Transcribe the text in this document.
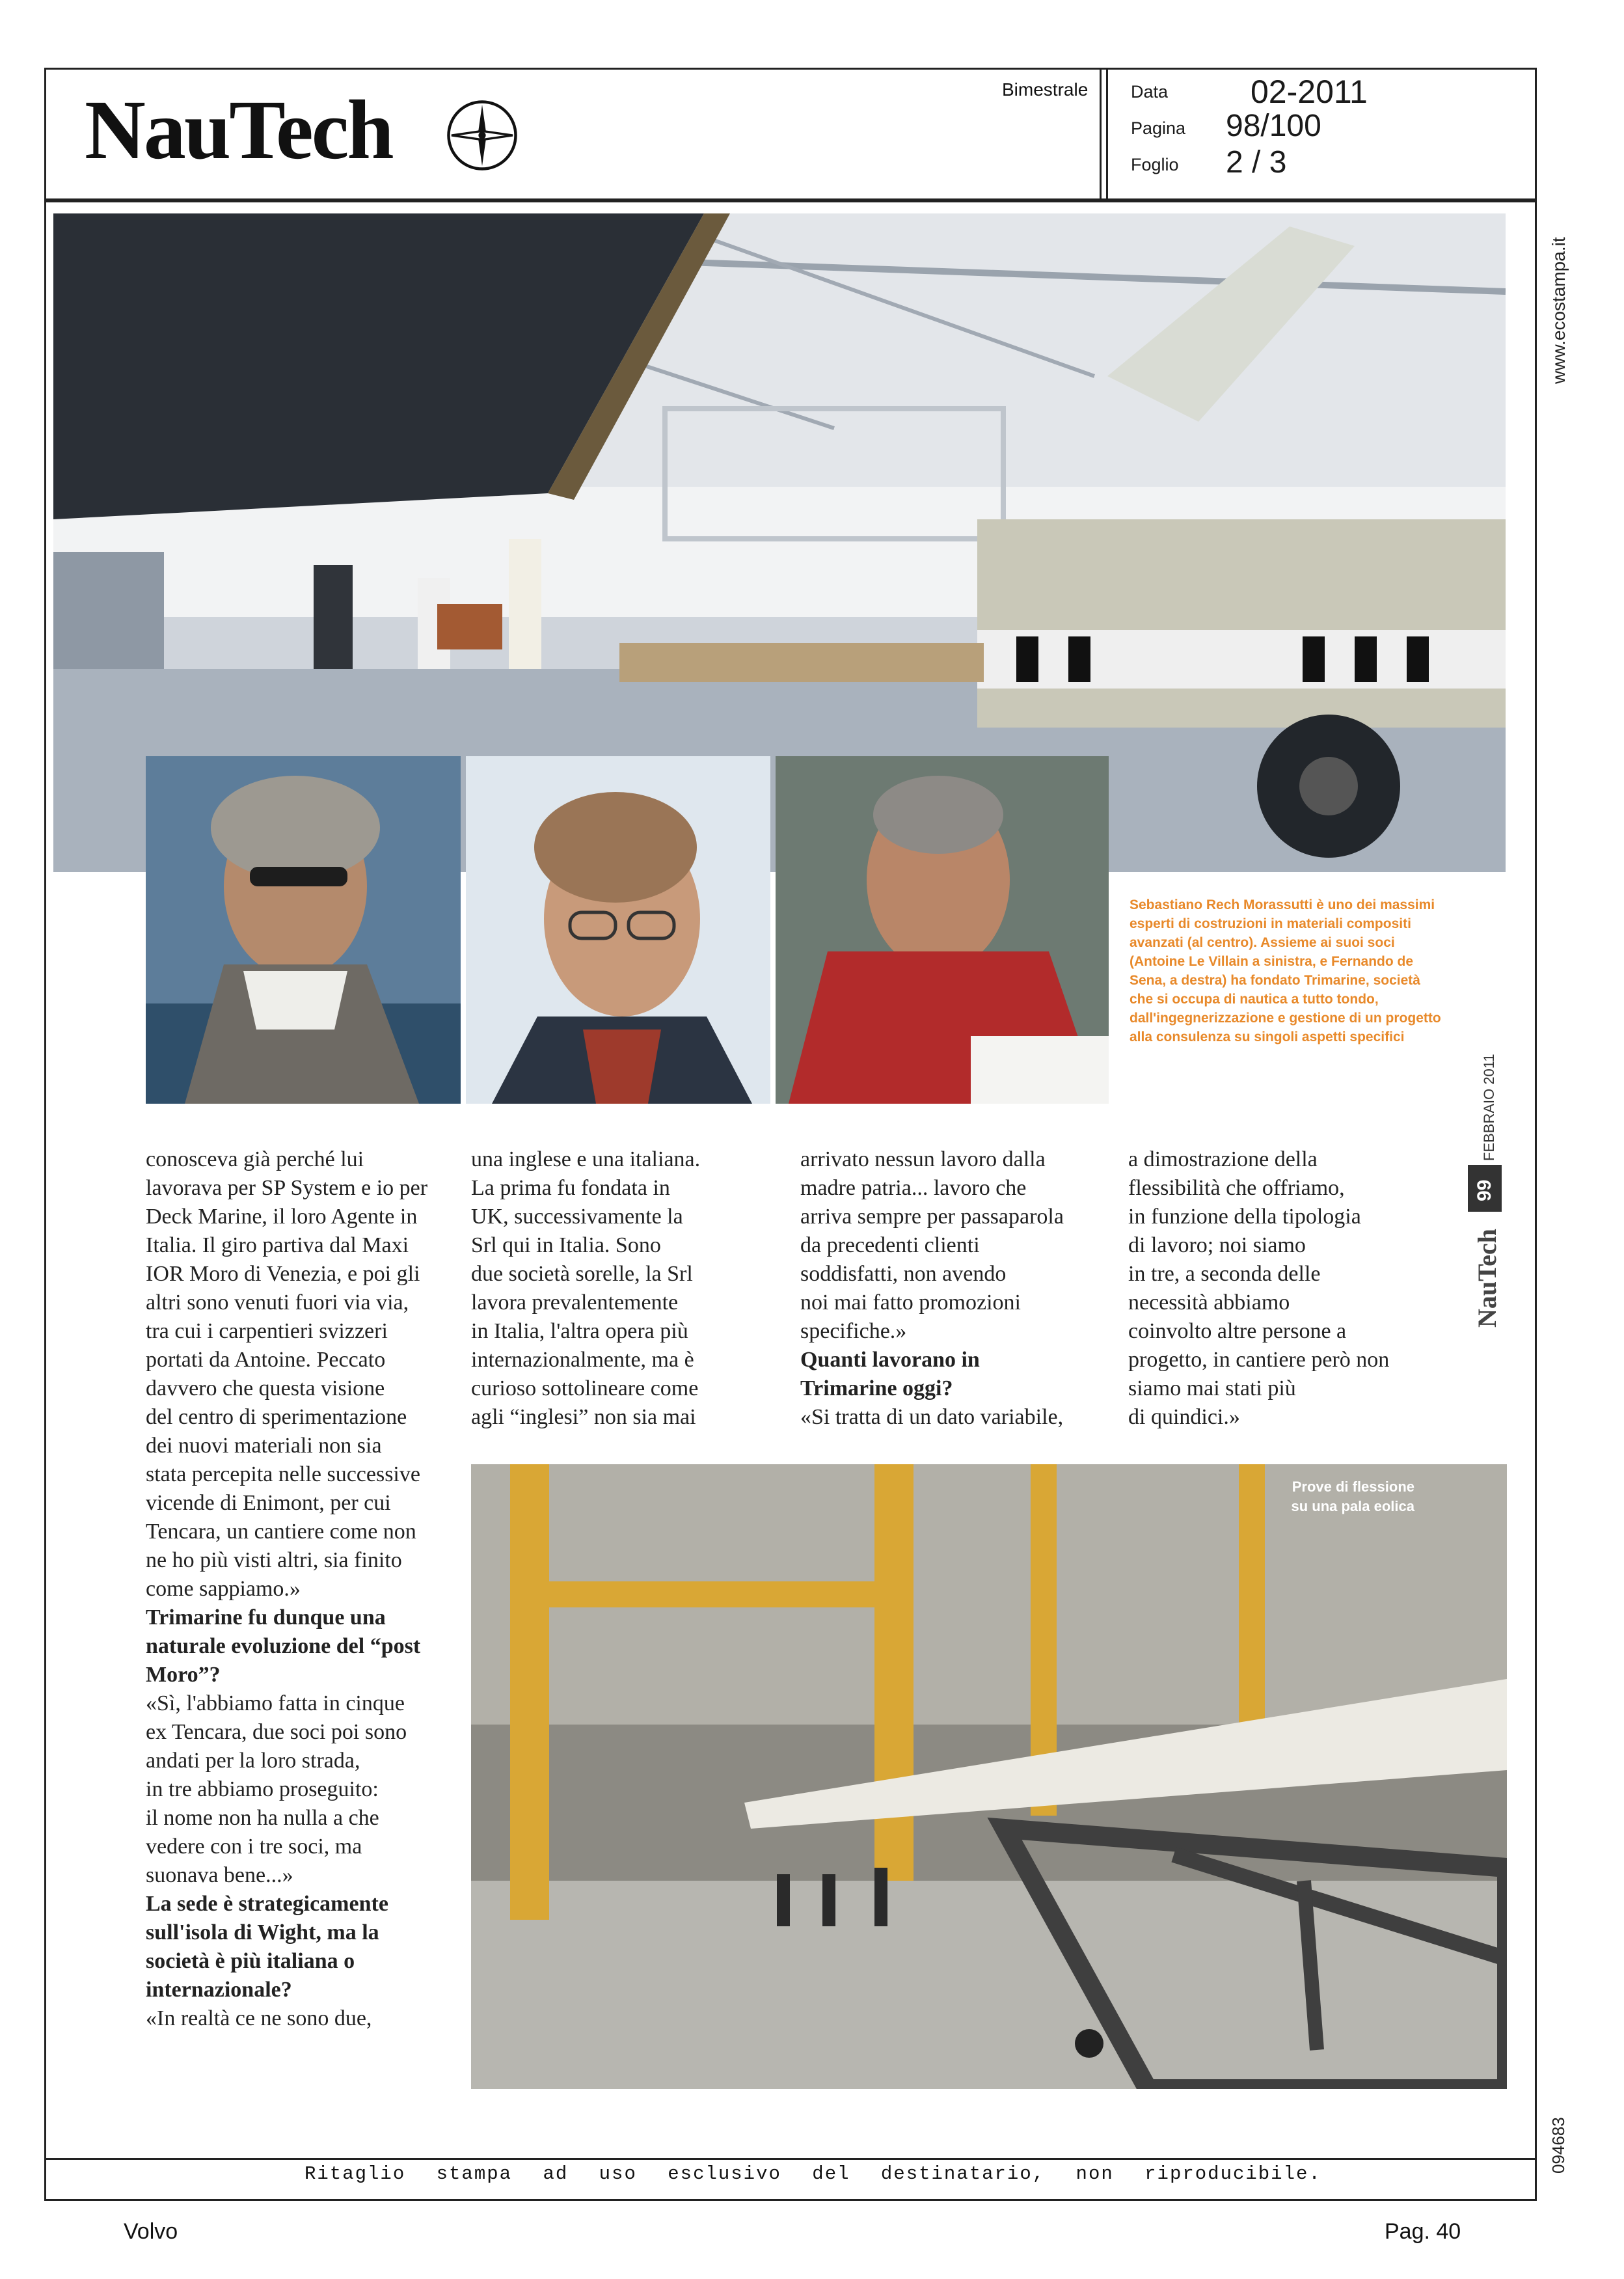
NauTech	Bimestrale Data	02-2011
Pagina 98/100
Foglio 2 / 3
www.ecostampa.it
094683
Sebastiano Rech Morassutti è uno dei massimi esperti di costruzioni in materiali compositi avanzati (al centro). Assieme ai suoi soci (Antoine Le Villain a sinistra, e Fernando de Sena, a destra) ha fondato Trimarine, società che si occupa di nautica a tutto tondo, dall'ingegnerizzazione e gestione di un progetto alla consulenza su singoli aspetti specifici
FEBBRAIO 2011
99
NauTech
conosceva già perché lui
lavorava per SP System e io per
Deck Marine, il loro Agente in
Italia. Il giro partiva dal Maxi
IOR Moro di Venezia, e poi gli
altri sono venuti fuori via via,
tra cui i carpentieri svizzeri
portati da Antoine. Peccato
davvero che questa visione
del centro di sperimentazione
dei nuovi materiali non sia
stata percepita nelle successive
vicende di Enimont, per cui
Tencara, un cantiere come non
ne ho più visti altri, sia finito
come sappiamo.»
Trimarine fu dunque una
naturale evoluzione del “post
Moro”?
«Sì, l'abbiamo fatta in cinque
ex Tencara, due soci poi sono
andati per la loro strada,
in tre abbiamo proseguito:
il nome non ha nulla a che
vedere con i tre soci, ma
suonava bene...»
La sede è strategicamente
sull'isola di Wight, ma la
società è più italiana o
internazionale?
«In realtà ce ne sono due,
una inglese e una italiana.
La prima fu fondata in
UK, successivamente la
Srl qui in Italia. Sono
due società sorelle, la Srl
lavora prevalentemente
in Italia, l'altra opera più
internazionalmente, ma è
curioso sottolineare come
agli “inglesi” non sia mai
arrivato nessun lavoro dalla
madre patria... lavoro che
arriva sempre per passaparola
da precedenti clienti
soddisfatti, non avendo
noi mai fatto promozioni
specifiche.»
Quanti lavorano in
Trimarine oggi?
«Si tratta di un dato variabile,
a dimostrazione della
flessibilità che offriamo,
in funzione della tipologia
di lavoro; noi siamo
in tre, a seconda delle
necessità abbiamo
coinvolto altre persone a
progetto, in cantiere però non
siamo mai stati più
di quindici.»
Prove di flessione su una pala eolica
Ritaglio stampa ad uso esclusivo del destinatario, non riproducibile.
Volvo	Pag. 40
